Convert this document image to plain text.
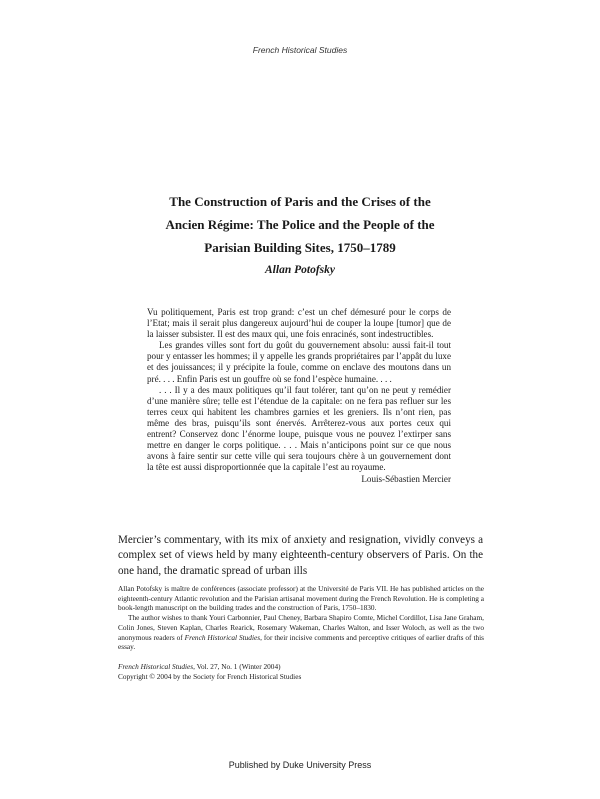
French Historical Studies
The Construction of Paris and the Crises of the
Ancien Régime: The Police and the People of the
Parisian Building Sites, 1750–1789
Allan Potofsky

Vu politiquement, Paris est trop grand: c’est un chef démesuré pour le corps de l’Etat; mais il serait plus dangereux aujourd’hui de couper la loupe [tumor] que de la laisser subsister. Il est des maux qui, une fois enracinés, sont indestructibles.

Les grandes villes sont fort du goût du gouvernement absolu: aussi fait-il tout pour y entasser les hommes; il y appelle les grands propriétaires par l’appât du luxe et des jouissances; il y précipite la foule, comme on enclave des moutons dans un pré. . . . Enfin Paris est un gouffre où se fond l’espèce humaine. . . .

. . . Il y a des maux politiques qu’il faut tolérer, tant qu’on ne peut y remédier d’une manière sûre; telle est l’étendue de la capitale: on ne fera pas refluer sur les terres ceux qui habitent les chambres garnies et les greniers. Ils n’ont rien, pas même des bras, puisqu’ils sont énervés. Arrêterez-vous aux portes ceux qui entrent? Conservez donc l’énorme loupe, puisque vous ne pouvez l’extirper sans mettre en danger le corps politique. . . . Mais n’anticipons point sur ce que nous avons à faire sentir sur cette ville qui sera toujours chère à un gouvernement dont la tête est aussi disproportionnée que la capitale l’est au royaume.

Louis-Sébastien Mercier

Mercier’s commentary, with its mix of anxiety and resignation, vividly conveys a complex set of views held by many eighteenth-century observers of Paris. On the one hand, the dramatic spread of urban ills

Allan Potofsky is maître de conférences (associate professor) at the Université de Paris VII. He has published articles on the eighteenth-century Atlantic revolution and the Parisian artisanal movement during the French Revolution. He is completing a book-length manuscript on the building trades and the construction of Paris, 1750–1830.

The author wishes to thank Youri Carbonnier, Paul Cheney, Barbara Shapiro Comte, Michel Cordillot, Lisa Jane Graham, Colin Jones, Steven Kaplan, Charles Rearick, Rosemary Wakeman, Charles Walton, and Isser Woloch, as well as the two anonymous readers of French Historical Studies, for their incisive comments and perceptive critiques of earlier drafts of this essay.

French Historical Studies, Vol. 27, No. 1 (Winter 2004)
Copyright © 2004 by the Society for French Historical Studies
Published by Duke University Press
